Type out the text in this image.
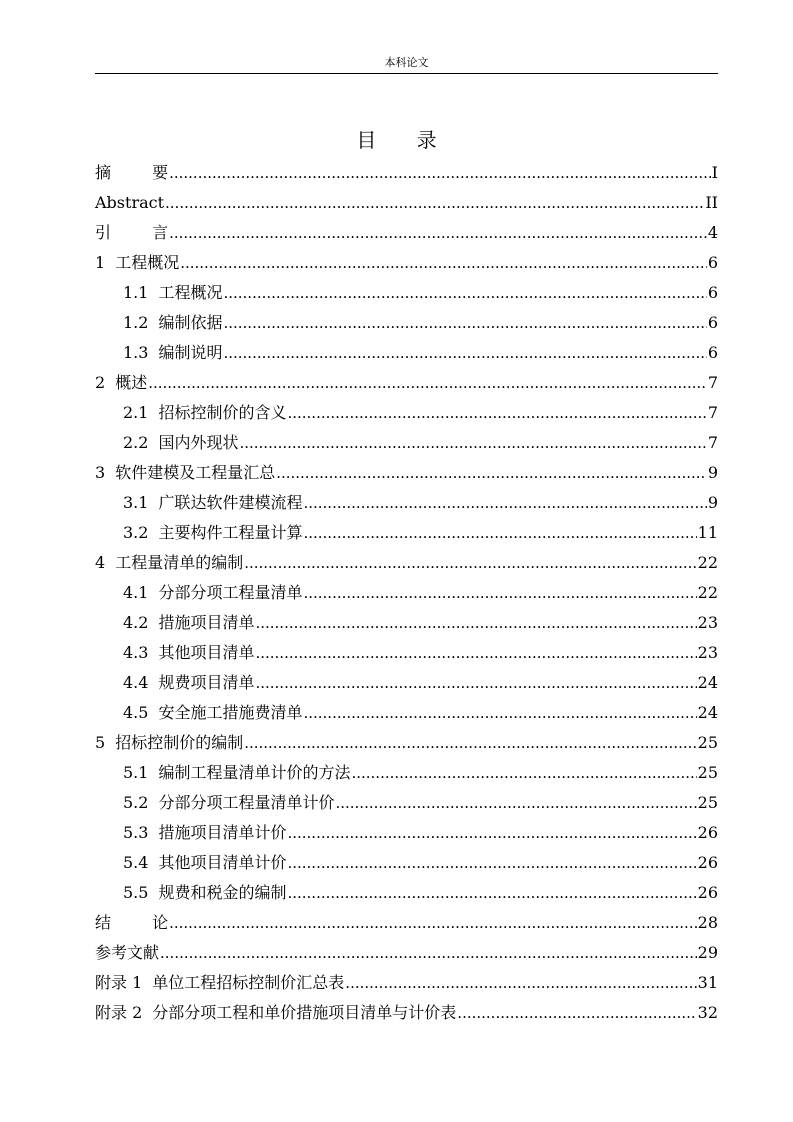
本科论文
目 录
摘 要 .....	I
Abstract .....	II
引 言 .....	4
1 工程概况 .....	6
1.1 工程概况 .....	6
1.2 编制依据 .....	6
1.3 编制说明 .....	6
2 概述 .....	7
2.1 招标控制价的含义 .....	7
2.2 国内外现状 .....	7
3 软件建模及工程量汇总 .....	9
3.1 广联达软件建模流程 .....	9
3.2 主要构件工程量计算 .....	11
4 工程量清单的编制 .....	22
4.1 分部分项工程量清单 .....	22
4.2 措施项目清单 .....	23
4.3 其他项目清单 .....	23
4.4 规费项目清单 .....	24
4.5 安全施工措施费清单 .....	24
5 招标控制价的编制 .....	25
5.1 编制工程量清单计价的方法 .....	25
5.2 分部分项工程量清单计价 .....	25
5.3 措施项目清单计价 .....	26
5.4 其他项目清单计价 .....	26
5.5 规费和税金的编制 .....	26
结 论 .....	28
参考文献 .....	29
附录 1 单位工程招标控制价汇总表 .....	31
附录 2 分部分项工程和单价措施项目清单与计价表 .....	32
